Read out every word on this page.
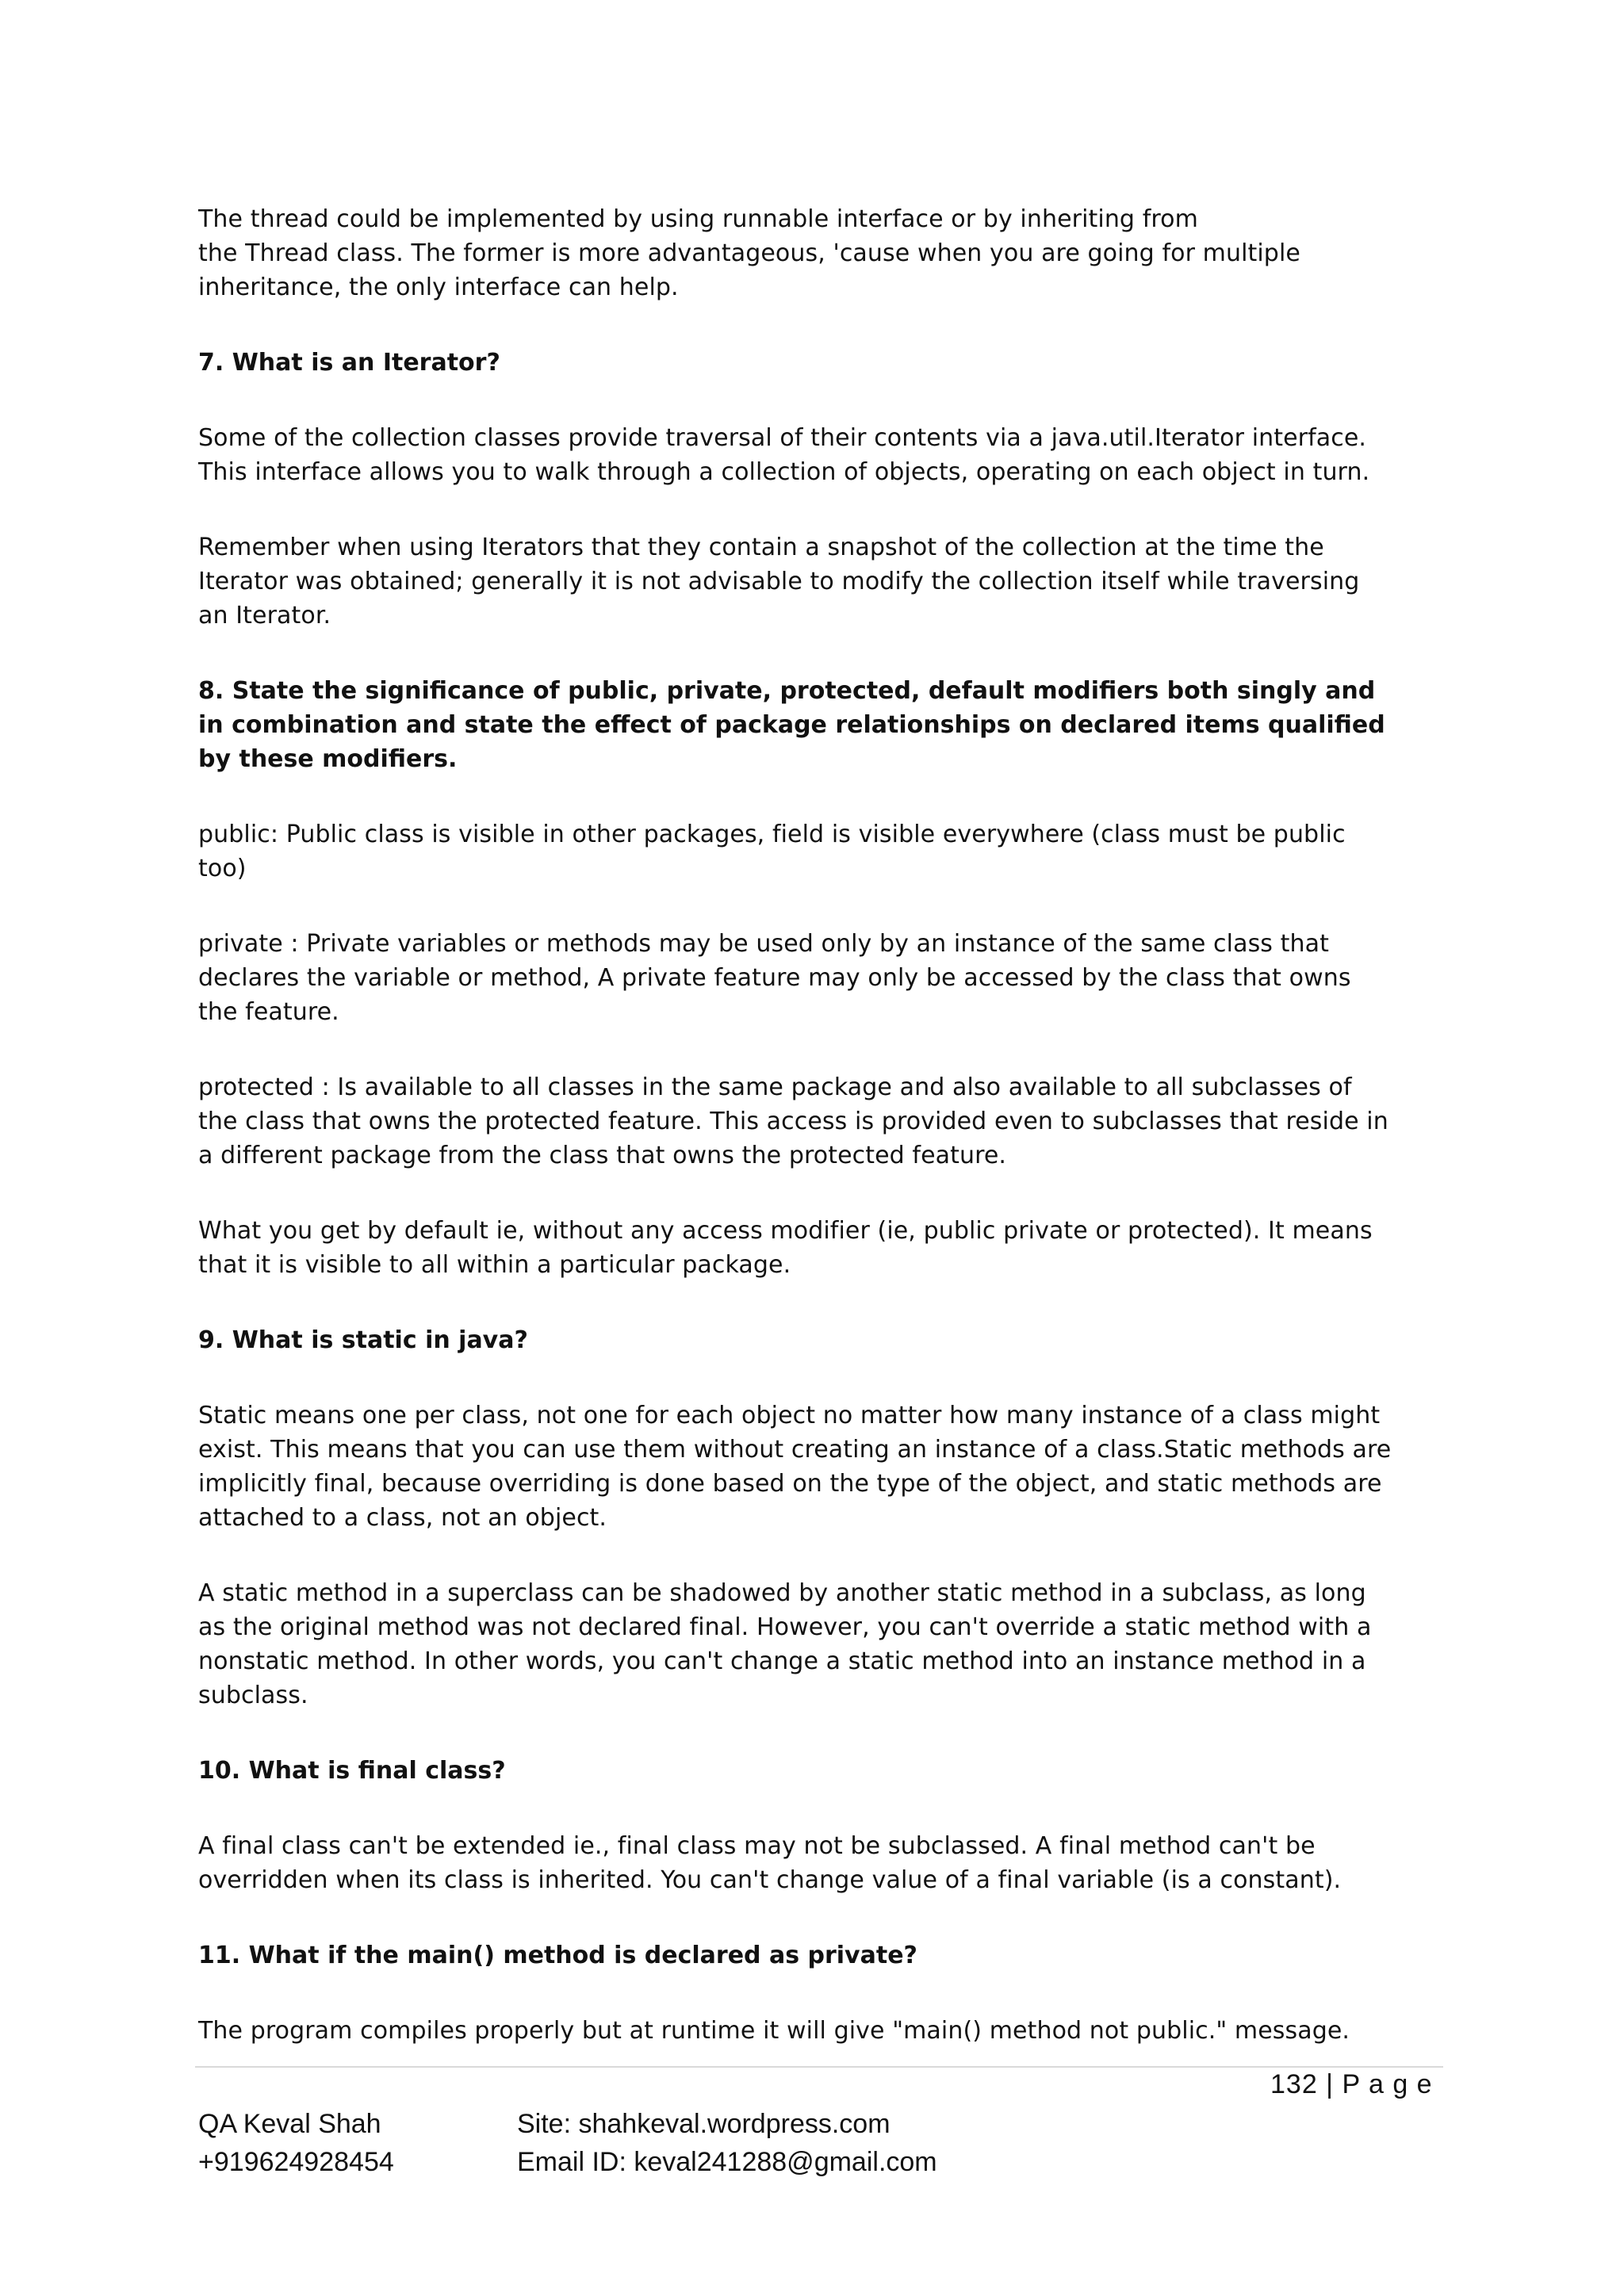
The thread could be implemented by using runnable interface or by inheriting from
the Thread class. The former is more advantageous, 'cause when you are going for multiple
inheritance, the only interface can help.
7. What is an Iterator?
Some of the collection classes provide traversal of their contents via a java.util.Iterator interface.
This interface allows you to walk through a collection of objects, operating on each object in turn.
Remember when using Iterators that they contain a snapshot of the collection at the time the
Iterator was obtained; generally it is not advisable to modify the collection itself while traversing
an Iterator.
8. State the significance of public, private, protected, default modifiers both singly and
in combination and state the effect of package relationships on declared items qualified
by these modifiers.
public: Public class is visible in other packages, field is visible everywhere (class must be public
too)
private : Private variables or methods may be used only by an instance of the same class that
declares the variable or method, A private feature may only be accessed by the class that owns
the feature.
protected : Is available to all classes in the same package and also available to all subclasses of
the class that owns the protected feature. This access is provided even to subclasses that reside in
a different package from the class that owns the protected feature.
What you get by default ie, without any access modifier (ie, public private or protected). It means
that it is visible to all within a particular package.
9. What is static in java?
Static means one per class, not one for each object no matter how many instance of a class might
exist. This means that you can use them without creating an instance of a class.Static methods are
implicitly final, because overriding is done based on the type of the object, and static methods are
attached to a class, not an object.
A static method in a superclass can be shadowed by another static method in a subclass, as long
as the original method was not declared final. However, you can't override a static method with a
nonstatic method. In other words, you can't change a static method into an instance method in a
subclass.
10. What is final class?
A final class can't be extended ie., final class may not be subclassed. A final method can't be
overridden when its class is inherited. You can't change value of a final variable (is a constant).
11. What if the main() method is declared as private?
The program compiles properly but at runtime it will give "main() method not public." message.
132 | P a g e
QA Keval Shah
+919624928454
Site: shahkeval.wordpress.com
Email ID: keval241288@gmail.com
